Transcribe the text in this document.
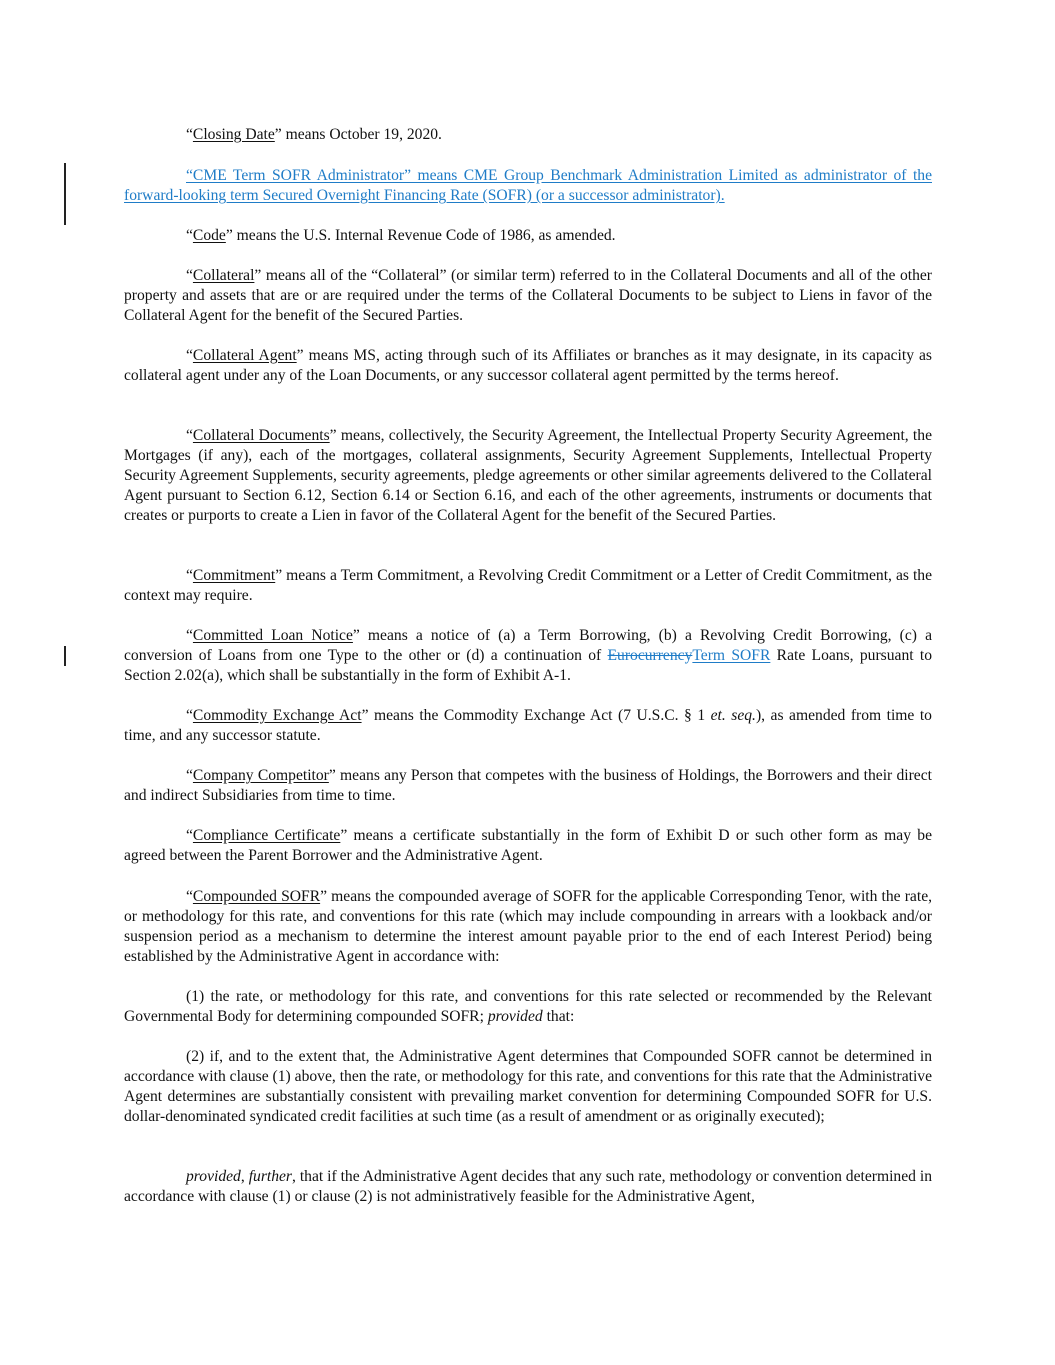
“Closing Date” means October 19, 2020.

“CME Term SOFR Administrator” means CME Group Benchmark Administration Limited as administrator of the forward-looking term Secured Overnight Financing Rate (SOFR) (or a successor administrator).

“Code” means the U.S. Internal Revenue Code of 1986, as amended.

“Collateral” means all of the “Collateral” (or similar term) referred to in the Collateral Documents and all of the other property and assets that are or are required under the terms of the Collateral Documents to be subject to Liens in favor of the Collateral Agent for the benefit of the Secured Parties.

“Collateral Agent” means MS, acting through such of its Affiliates or branches as it may designate, in its capacity as collateral agent under any of the Loan Documents, or any successor collateral agent permitted by the terms hereof.

“Collateral Documents” means, collectively, the Security Agreement, the Intellectual Property Security Agreement, the Mortgages (if any), each of the mortgages, collateral assignments, Security Agreement Supplements, Intellectual Property Security Agreement Supplements, security agreements, pledge agreements or other similar agreements delivered to the Collateral Agent pursuant to Section 6.12, Section 6.14 or Section 6.16, and each of the other agreements, instruments or documents that creates or purports to create a Lien in favor of the Collateral Agent for the benefit of the Secured Parties.

“Commitment” means a Term Commitment, a Revolving Credit Commitment or a Letter of Credit Commitment, as the context may require.

“Committed Loan Notice” means a notice of (a) a Term Borrowing, (b) a Revolving Credit Borrowing, (c) a conversion of Loans from one Type to the other or (d) a continuation of EurocurrencyTerm SOFR Rate Loans, pursuant to Section 2.02(a), which shall be substantially in the form of Exhibit A-1.

“Commodity Exchange Act” means the Commodity Exchange Act (7 U.S.C. § 1 et. seq.), as amended from time to time, and any successor statute.

“Company Competitor” means any Person that competes with the business of Holdings, the Borrowers and their direct and indirect Subsidiaries from time to time.

“Compliance Certificate” means a certificate substantially in the form of Exhibit D or such other form as may be agreed between the Parent Borrower and the Administrative Agent.

“Compounded SOFR” means the compounded average of SOFR for the applicable Corresponding Tenor, with the rate, or methodology for this rate, and conventions for this rate (which may include compounding in arrears with a lookback and/or suspension period as a mechanism to determine the interest amount payable prior to the end of each Interest Period) being established by the Administrative Agent in accordance with:

(1) the rate, or methodology for this rate, and conventions for this rate selected or recommended by the Relevant Governmental Body for determining compounded SOFR; provided that:

(2) if, and to the extent that, the Administrative Agent determines that Compounded SOFR cannot be determined in accordance with clause (1) above, then the rate, or methodology for this rate, and conventions for this rate that the Administrative Agent determines are substantially consistent with prevailing market convention for determining Compounded SOFR for U.S. dollar-denominated syndicated credit facilities at such time (as a result of amendment or as originally executed);

provided, further, that if the Administrative Agent decides that any such rate, methodology or convention determined in accordance with clause (1) or clause (2) is not administratively feasible for the Administrative Agent,
